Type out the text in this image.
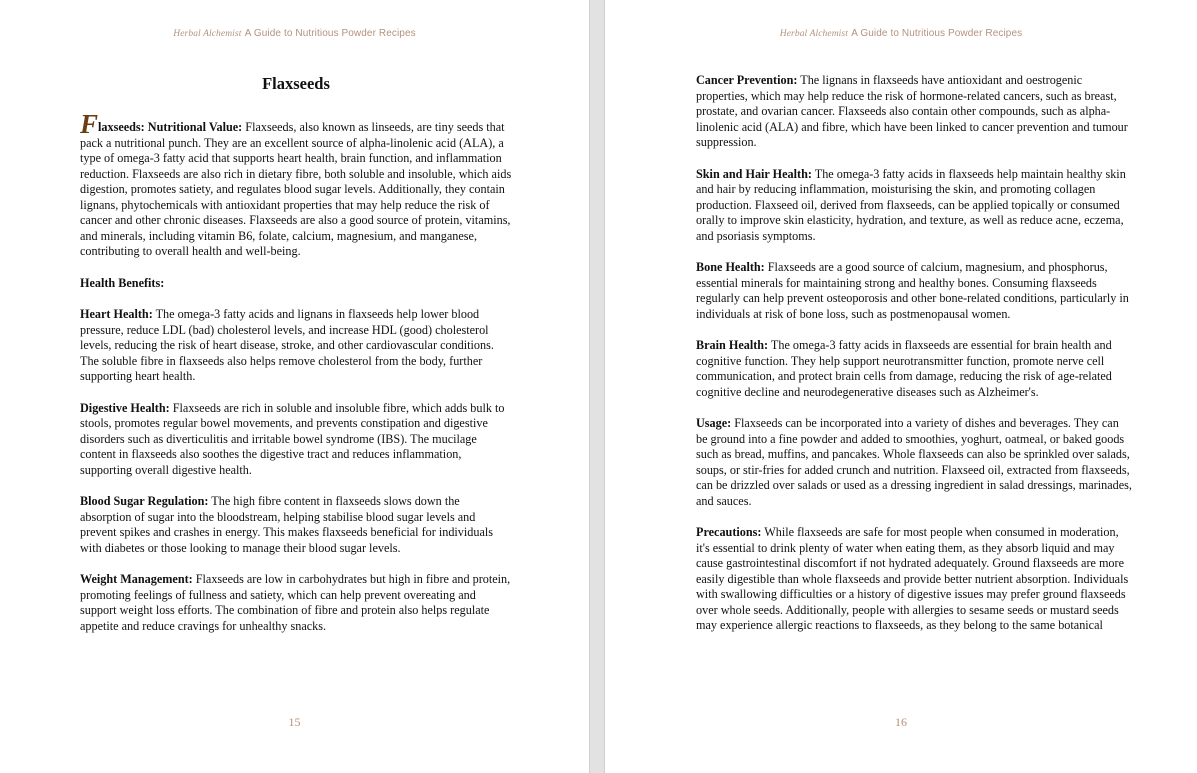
Herbal Alchemist A Guide to Nutritious Powder Recipes
Flaxseeds

Flaxseeds: Nutritional Value: Flaxseeds, also known as linseeds, are tiny seeds that pack a nutritional punch. They are an excellent source of alpha-linolenic acid (ALA), a type of omega-3 fatty acid that supports heart health, brain function, and inflammation reduction. Flaxseeds are also rich in dietary fibre, both soluble and insoluble, which aids digestion, promotes satiety, and regulates blood sugar levels. Additionally, they contain lignans, phytochemicals with antioxidant properties that may help reduce the risk of cancer and other chronic diseases. Flaxseeds are also a good source of protein, vitamins, and minerals, including vitamin B6, folate, calcium, magnesium, and manganese, contributing to overall health and well-being.

Health Benefits:

Heart Health: The omega-3 fatty acids and lignans in flaxseeds help lower blood pressure, reduce LDL (bad) cholesterol levels, and increase HDL (good) cholesterol levels, reducing the risk of heart disease, stroke, and other cardiovascular conditions. The soluble fibre in flaxseeds also helps remove cholesterol from the body, further supporting heart health.

Digestive Health: Flaxseeds are rich in soluble and insoluble fibre, which adds bulk to stools, promotes regular bowel movements, and prevents constipation and digestive disorders such as diverticulitis and irritable bowel syndrome (IBS). The mucilage content in flaxseeds also soothes the digestive tract and reduces inflammation, supporting overall digestive health.

Blood Sugar Regulation: The high fibre content in flaxseeds slows down the absorption of sugar into the bloodstream, helping stabilise blood sugar levels and prevent spikes and crashes in energy. This makes flaxseeds beneficial for individuals with diabetes or those looking to manage their blood sugar levels.

Weight Management: Flaxseeds are low in carbohydrates but high in fibre and protein, promoting feelings of fullness and satiety, which can help prevent overeating and support weight loss efforts. The combination of fibre and protein also helps regulate appetite and reduce cravings for unhealthy snacks.

15
Herbal Alchemist A Guide to Nutritious Powder Recipes

Cancer Prevention: The lignans in flaxseeds have antioxidant and oestrogenic properties, which may help reduce the risk of hormone-related cancers, such as breast, prostate, and ovarian cancer. Flaxseeds also contain other compounds, such as alpha-linolenic acid (ALA) and fibre, which have been linked to cancer prevention and tumour suppression.

Skin and Hair Health: The omega-3 fatty acids in flaxseeds help maintain healthy skin and hair by reducing inflammation, moisturising the skin, and promoting collagen production. Flaxseed oil, derived from flaxseeds, can be applied topically or consumed orally to improve skin elasticity, hydration, and texture, as well as reduce acne, eczema, and psoriasis symptoms.

Bone Health: Flaxseeds are a good source of calcium, magnesium, and phosphorus, essential minerals for maintaining strong and healthy bones. Consuming flaxseeds regularly can help prevent osteoporosis and other bone-related conditions, particularly in individuals at risk of bone loss, such as postmenopausal women.

Brain Health: The omega-3 fatty acids in flaxseeds are essential for brain health and cognitive function. They help support neurotransmitter function, promote nerve cell communication, and protect brain cells from damage, reducing the risk of age-related cognitive decline and neurodegenerative diseases such as Alzheimer's.

Usage: Flaxseeds can be incorporated into a variety of dishes and beverages. They can be ground into a fine powder and added to smoothies, yoghurt, oatmeal, or baked goods such as bread, muffins, and pancakes. Whole flaxseeds can also be sprinkled over salads, soups, or stir-fries for added crunch and nutrition. Flaxseed oil, extracted from flaxseeds, can be drizzled over salads or used as a dressing ingredient in salad dressings, marinades, and sauces.

Precautions: While flaxseeds are safe for most people when consumed in moderation, it's essential to drink plenty of water when eating them, as they absorb liquid and may cause gastrointestinal discomfort if not hydrated adequately. Ground flaxseeds are more easily digestible than whole flaxseeds and provide better nutrient absorption. Individuals with swallowing difficulties or a history of digestive issues may prefer ground flaxseeds over whole seeds. Additionally, people with allergies to sesame seeds or mustard seeds may experience allergic reactions to flaxseeds, as they belong to the same botanical

16
